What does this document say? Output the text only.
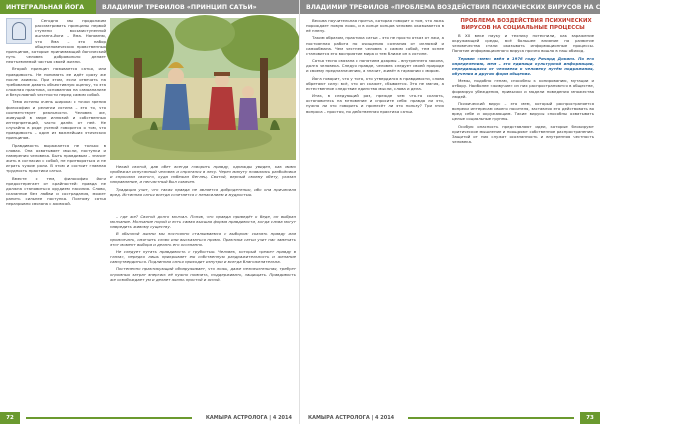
ИНТЕГРАЛЬНАЯ ЙОГА	ВЛАДИМИР ТРЕФИЛОВ «ПРИНЦИП САТЬИ»

Сегодня мы продолжим рассматривать принципы первой ступени восьмиступенной аштанга-йоги – Яма. Напомню, что Яма – это набор общечеловеческих нравственных принципов, которые принимающий йогический путь человек добровольно делает неотъемлемой частью своей жизни.

Второй принцип называется сатья, или правдивость. Не понимать ее идёт сразу же после ахимсы. При этом, если отвечать на требование давать объективную оценку, то эта сложная практика, основанная на самоанализе и безусловной честности перед самим собой.

Тема истины очень широка: с точки зрения философии и религии истина – это то, что соответствует реальности. Человек же, живущий в мире иллюзий и собственных интерпретаций, часто далёк от неё. Не случайно в ряде учений говорится о том, что правдивость – один из важнейших этических принципов.

Правдивость выражается не только в словах. Она охватывает мысли, поступки и намерения человека. Быть правдивым – значит жить в согласии с собой, не притворяться и не играть чужие роли. В этом и состоит главная трудность практики сатьи.

Вместе с тем, философия йоги предостерегает от крайностей: правда не должна становиться орудием насилия. Слово, сказанное без любви и сострадания, может ранить сильнее поступка. Поэтому сатья неразрывно связана с ахимсой.

Некий святой, дав обет всегда говорить правду, однажды увидел, как мимо пробежал испуганный человек и спрятался в лесу. Через минуту появились разбойники и спросили святого, куда побежал беглец. Святой, верный своему обету, указал направление, и несчастный был схвачен.

Традиция учит, что такая правда не является добродетелью, ибо она причинила вред. Истинная сатья всегда сочетается с ненасилием и мудростью.

– где же? Святой долго молчал. Поняв, что правда приведёт к беде, он выбрал молчание. Молчание порой и есть самая высшая форма правдивости, когда слова могут навредить живому существу.

В обычной жизни мы постоянно сталкиваемся с выбором: сказать правду или промолчать, смягчить слово или высказаться прямо. Практика сатьи учит нас замечать этот момент выбора и делать его осознанно.

Не следует путать правдивость с грубостью. Человек, который «режет правду в глаза», нередко лишь прикрывает ею собственную раздражительность и желание самоутвердиться. Подлинная сатья приходит изнутри и всегда благожелательна.

Постепенно практикующий обнаруживает, что ложь, даже незначительная, требует огромных затрат энергии: её нужно помнить, поддерживать, защищать. Правдивость же освобождает ум и делает жизнь простой и ясной.

72	КАМЫРА АСТРОЛОГА | 4 2014
ВЛАДИМИР ТРЕФИЛОВ «ПРОБЛЕМА ВОЗДЕЙСТВИЯ ПСИХИЧЕСКИХ ВИРУСОВ НА СОЦИАЛЬНЫЕ ПРОЦЕССЫ»

Весьма поучительная притча, которая говорит о том, что ложь порождает новую ложь, и в конце концов человек оказывается в её плену.

Таким образом, практика сатьи – это не просто отказ от лжи, а постоянная работа по очищению сознания от иллюзий и самообмана. Чем честнее человек с самим собой, тем яснее становится его восприятие мира и тем ближе он к истине.

Сатья тесно связана с понятием дхармы – внутреннего закона, долга человека. Следуя правде, человек следует своей природе и своему предназначению, а значит, живёт в гармонии с миром.

Йога говорит, что у того, кто утвердился в правдивости, слова обретают силу: всё, что он скажет, сбывается. Это не магия, а естественное следствие единства мысли, слова и дела.

Итак, в следующий раз, прежде чем что-то сказать, остановитесь на мгновение и спросите себя: правда ли это, нужно ли это говорить и принесёт ли это пользу? Три этих вопроса – простая, но действенная практика сатьи.

ПРОБЛЕМА ВОЗДЕЙСТВИЯ ПСИХИЧЕСКИХ ВИРУСОВ НА СОЦИАЛЬНЫЕ ПРОЦЕССЫ

В XX веке науку и технику потеснили, как заражение окружающей среды, всё большее влияние на развитие человечества стали оказывать информационные процессы. Понятие информационного вируса прочно вошло в наш обиход.

Термин «мем» ввёл в 1976 году Ричард Докинз. По его определению, мем – это единица культурной информации, передающаяся от человека к человеку путём подражания, обучения и других форм общения.

Мемы, подобно генам, способны к копированию, мутации и отбору. Наиболее «живучие» из них распространяются в обществе, формируя убеждения, привычки и модели поведения множества людей.

Психический вирус – это мем, который распространяется вопреки интересам своего носителя, заставляя его действовать во вред себе и окружающим. Такие вирусы способны охватывать целые социальные группы.

Особую опасность представляют идеи, которые блокируют критическое мышление и поощряют собственное распространение. Защитой от них служат осознанность и внутренняя честность человека.

КАМЫРА АСТРОЛОГА | 4 2014	73
